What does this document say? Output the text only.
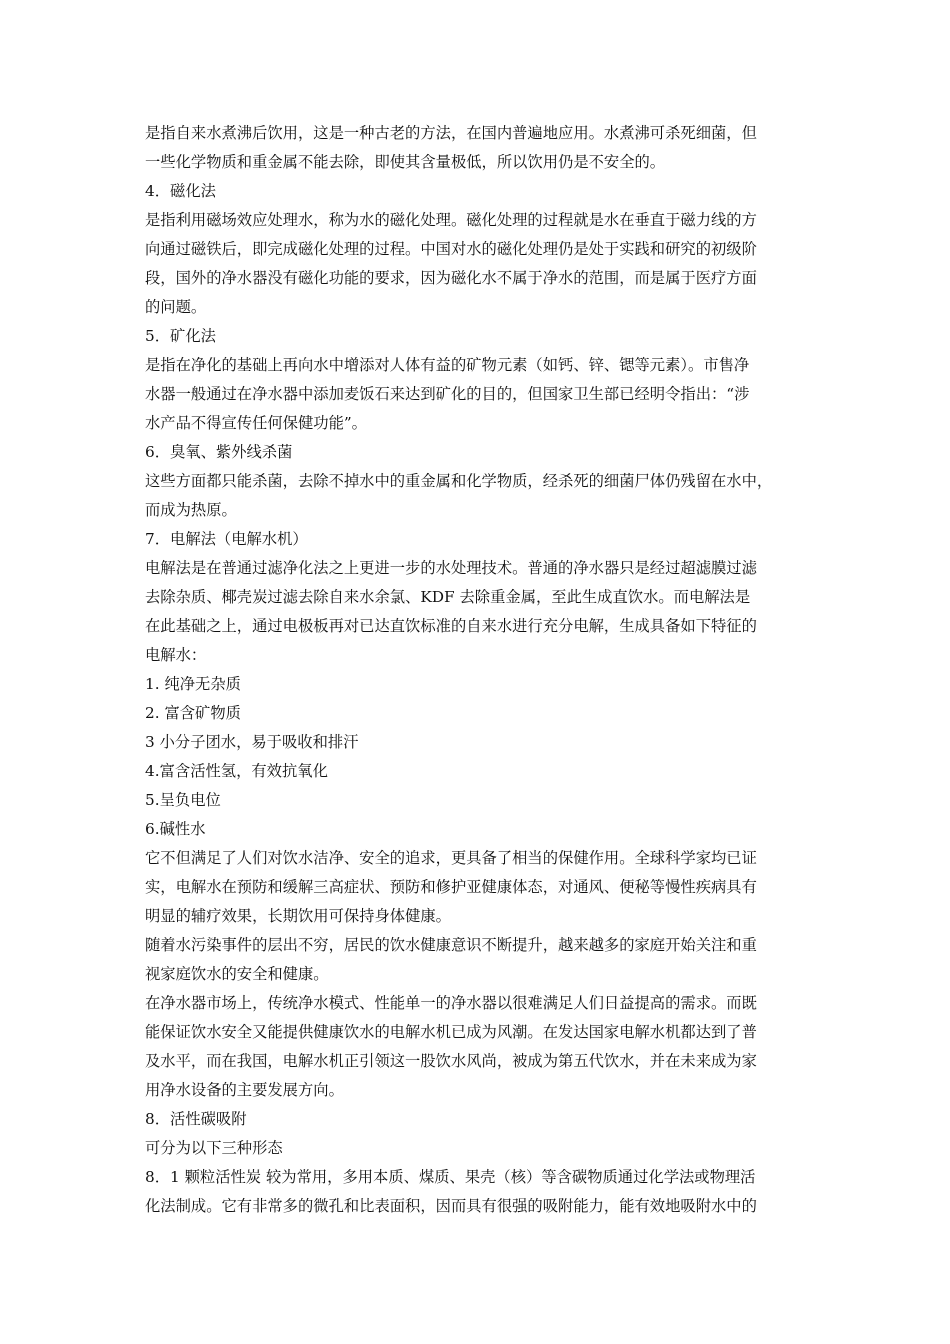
是指自来水煮沸后饮用，这是一种古老的方法，在国内普遍地应用。水煮沸可杀死细菌，但
一些化学物质和重金属不能去除，即使其含量极低，所以饮用仍是不安全的。
4．磁化法
是指利用磁场效应处理水，称为水的磁化处理。磁化处理的过程就是水在垂直于磁力线的方
向通过磁铁后，即完成磁化处理的过程。中国对水的磁化处理仍是处于实践和研究的初级阶
段，国外的净水器没有磁化功能的要求，因为磁化水不属于净水的范围，而是属于医疗方面
的问题。
5．矿化法
是指在净化的基础上再向水中增添对人体有益的矿物元素（如钙、锌、锶等元素）。市售净
水器一般通过在净水器中添加麦饭石来达到矿化的目的，但国家卫生部已经明令指出：“涉
水产品不得宣传任何保健功能”。
6．臭氧、紫外线杀菌
这些方面都只能杀菌，去除不掉水中的重金属和化学物质，经杀死的细菌尸体仍残留在水中，
而成为热原。
7．电解法（电解水机）
电解法是在普通过滤净化法之上更进一步的水处理技术。普通的净水器只是经过超滤膜过滤
去除杂质、椰壳炭过滤去除自来水余氯、KDF 去除重金属，至此生成直饮水。而电解法是
在此基础之上，通过电极板再对已达直饮标准的自来水进行充分电解，生成具备如下特征的
电解水：
1. 纯净无杂质
2. 富含矿物质
3 小分子团水，易于吸收和排汗
4.富含活性氢，有效抗氧化
5.呈负电位
6.碱性水
它不但满足了人们对饮水洁净、安全的追求，更具备了相当的保健作用。全球科学家均已证
实，电解水在预防和缓解三高症状、预防和修护亚健康体态，对通风、便秘等慢性疾病具有
明显的辅疗效果，长期饮用可保持身体健康。
随着水污染事件的层出不穷，居民的饮水健康意识不断提升，越来越多的家庭开始关注和重
视家庭饮水的安全和健康。
在净水器市场上，传统净水模式、性能单一的净水器以很难满足人们日益提高的需求。而既
能保证饮水安全又能提供健康饮水的电解水机已成为风潮。在发达国家电解水机都达到了普
及水平，而在我国，电解水机正引领这一股饮水风尚，被成为第五代饮水，并在未来成为家
用净水设备的主要发展方向。
8．活性碳吸附
可分为以下三种形态
8．1 颗粒活性炭 较为常用，多用本质、煤质、果壳（核）等含碳物质通过化学法或物理活
化法制成。它有非常多的微孔和比表面积，因而具有很强的吸附能力，能有效地吸附水中的
